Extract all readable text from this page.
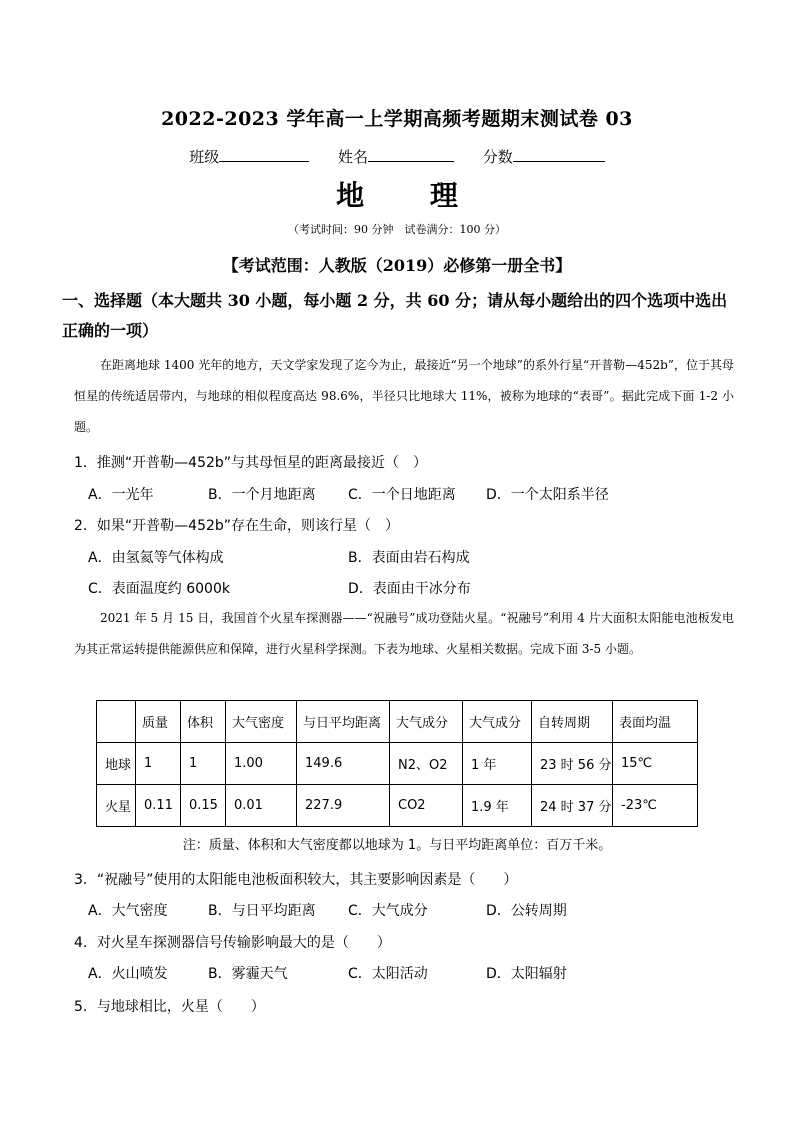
2022-2023 学年高一上学期高频考题期末测试卷 03
班级	姓名	分数
地 理
（考试时间：90 分钟　试卷满分：100 分）
【考试范围：人教版（2019）必修第一册全书】
一、选择题（本大题共 30 小题，每小题 2 分，共 60 分；请从每小题给出的四个选项中选出
正确的一项）
在距离地球 1400 光年的地方，天文学家发现了迄今为止，最接近“另一个地球”的系外行星“开普勒—452b”，位于其母恒星的传统适居带内，与地球的相似程度高达 98.6%，半径只比地球大 11%，被称为地球的“表哥”。据此完成下面 1-2 小题。
1．推测“开普勒—452b”与其母恒星的距离最接近（　）
A．一光年	B．一个月地距离 C．一个日地距离 D．一个太阳系半径
2．如果“开普勒—452b”存在生命，则该行星（　）
A．由氢氦等气体构成	B．表面由岩石构成
C．表面温度约 6000k	D．表面由干冰分布
2021 年 5 月 15 日，我国首个火星车探测器——“祝融号”成功登陆火星。“祝融号”利用 4 片大面积太阳能电池板发电为其正常运转提供能源供应和保障，进行火星科学探测。下表为地球、火星相关数据。完成下面 3-5 小题。
	质量	体积	大气密度	与日平均距离	大气成分	大气成分	自转周期	表面均温
地球	1	1	1.00	149.6	N2、O2	1 年	23 时 56 分	15℃
火星	0.11	0.15	0.01	227.9	CO2	1.9 年	24 时 37 分	-23℃
注：质量、体积和大气密度都以地球为 1。与日平均距离单位：百万千米。
3．“祝融号”使用的太阳能电池板面积较大，其主要影响因素是（　　）
A．大气密度	B．与日平均距离 C．大气成分	D．公转周期
4．对火星车探测器信号传输影响最大的是（　　）
A．火山喷发	B．雾霾天气	C．太阳活动	D．太阳辐射
5．与地球相比，火星（　　）
